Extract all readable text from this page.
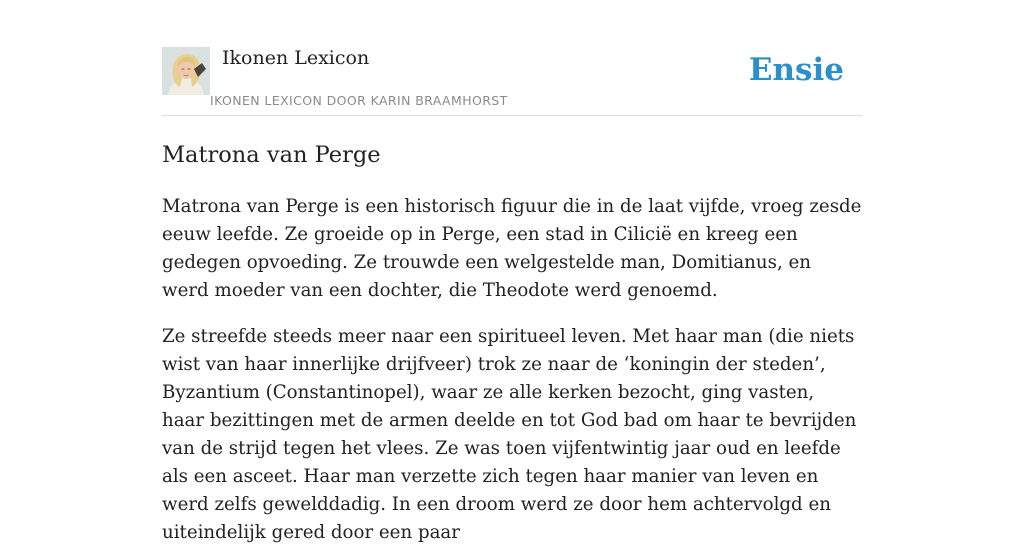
Ikonen Lexicon
IKONEN LEXICON DOOR KARIN BRAAMHORST
Ensie
Matrona van Perge

Matrona van Perge is een historisch figuur die in de laat vijfde, vroeg zesde eeuw leefde. Ze groeide op in Perge, een stad in Cilicië en kreeg een gedegen opvoeding. Ze trouwde een welgestelde man, Domitianus, en werd moeder van een dochter, die Theodote werd genoemd.

Ze streefde steeds meer naar een spiritueel leven. Met haar man (die niets wist van haar innerlijke drijfveer) trok ze naar de ‘koningin der steden’, Byzantium (Constantinopel), waar ze alle kerken bezocht, ging vasten, haar bezittingen met de armen deelde en tot God bad om haar te bevrijden van de strijd tegen het vlees. Ze was toen vijfentwintig jaar oud en leefde als een asceet. Haar man verzette zich tegen haar manier van leven en werd zelfs gewelddadig. In een droom werd ze door hem achtervolgd en uiteindelijk gered door een paar
